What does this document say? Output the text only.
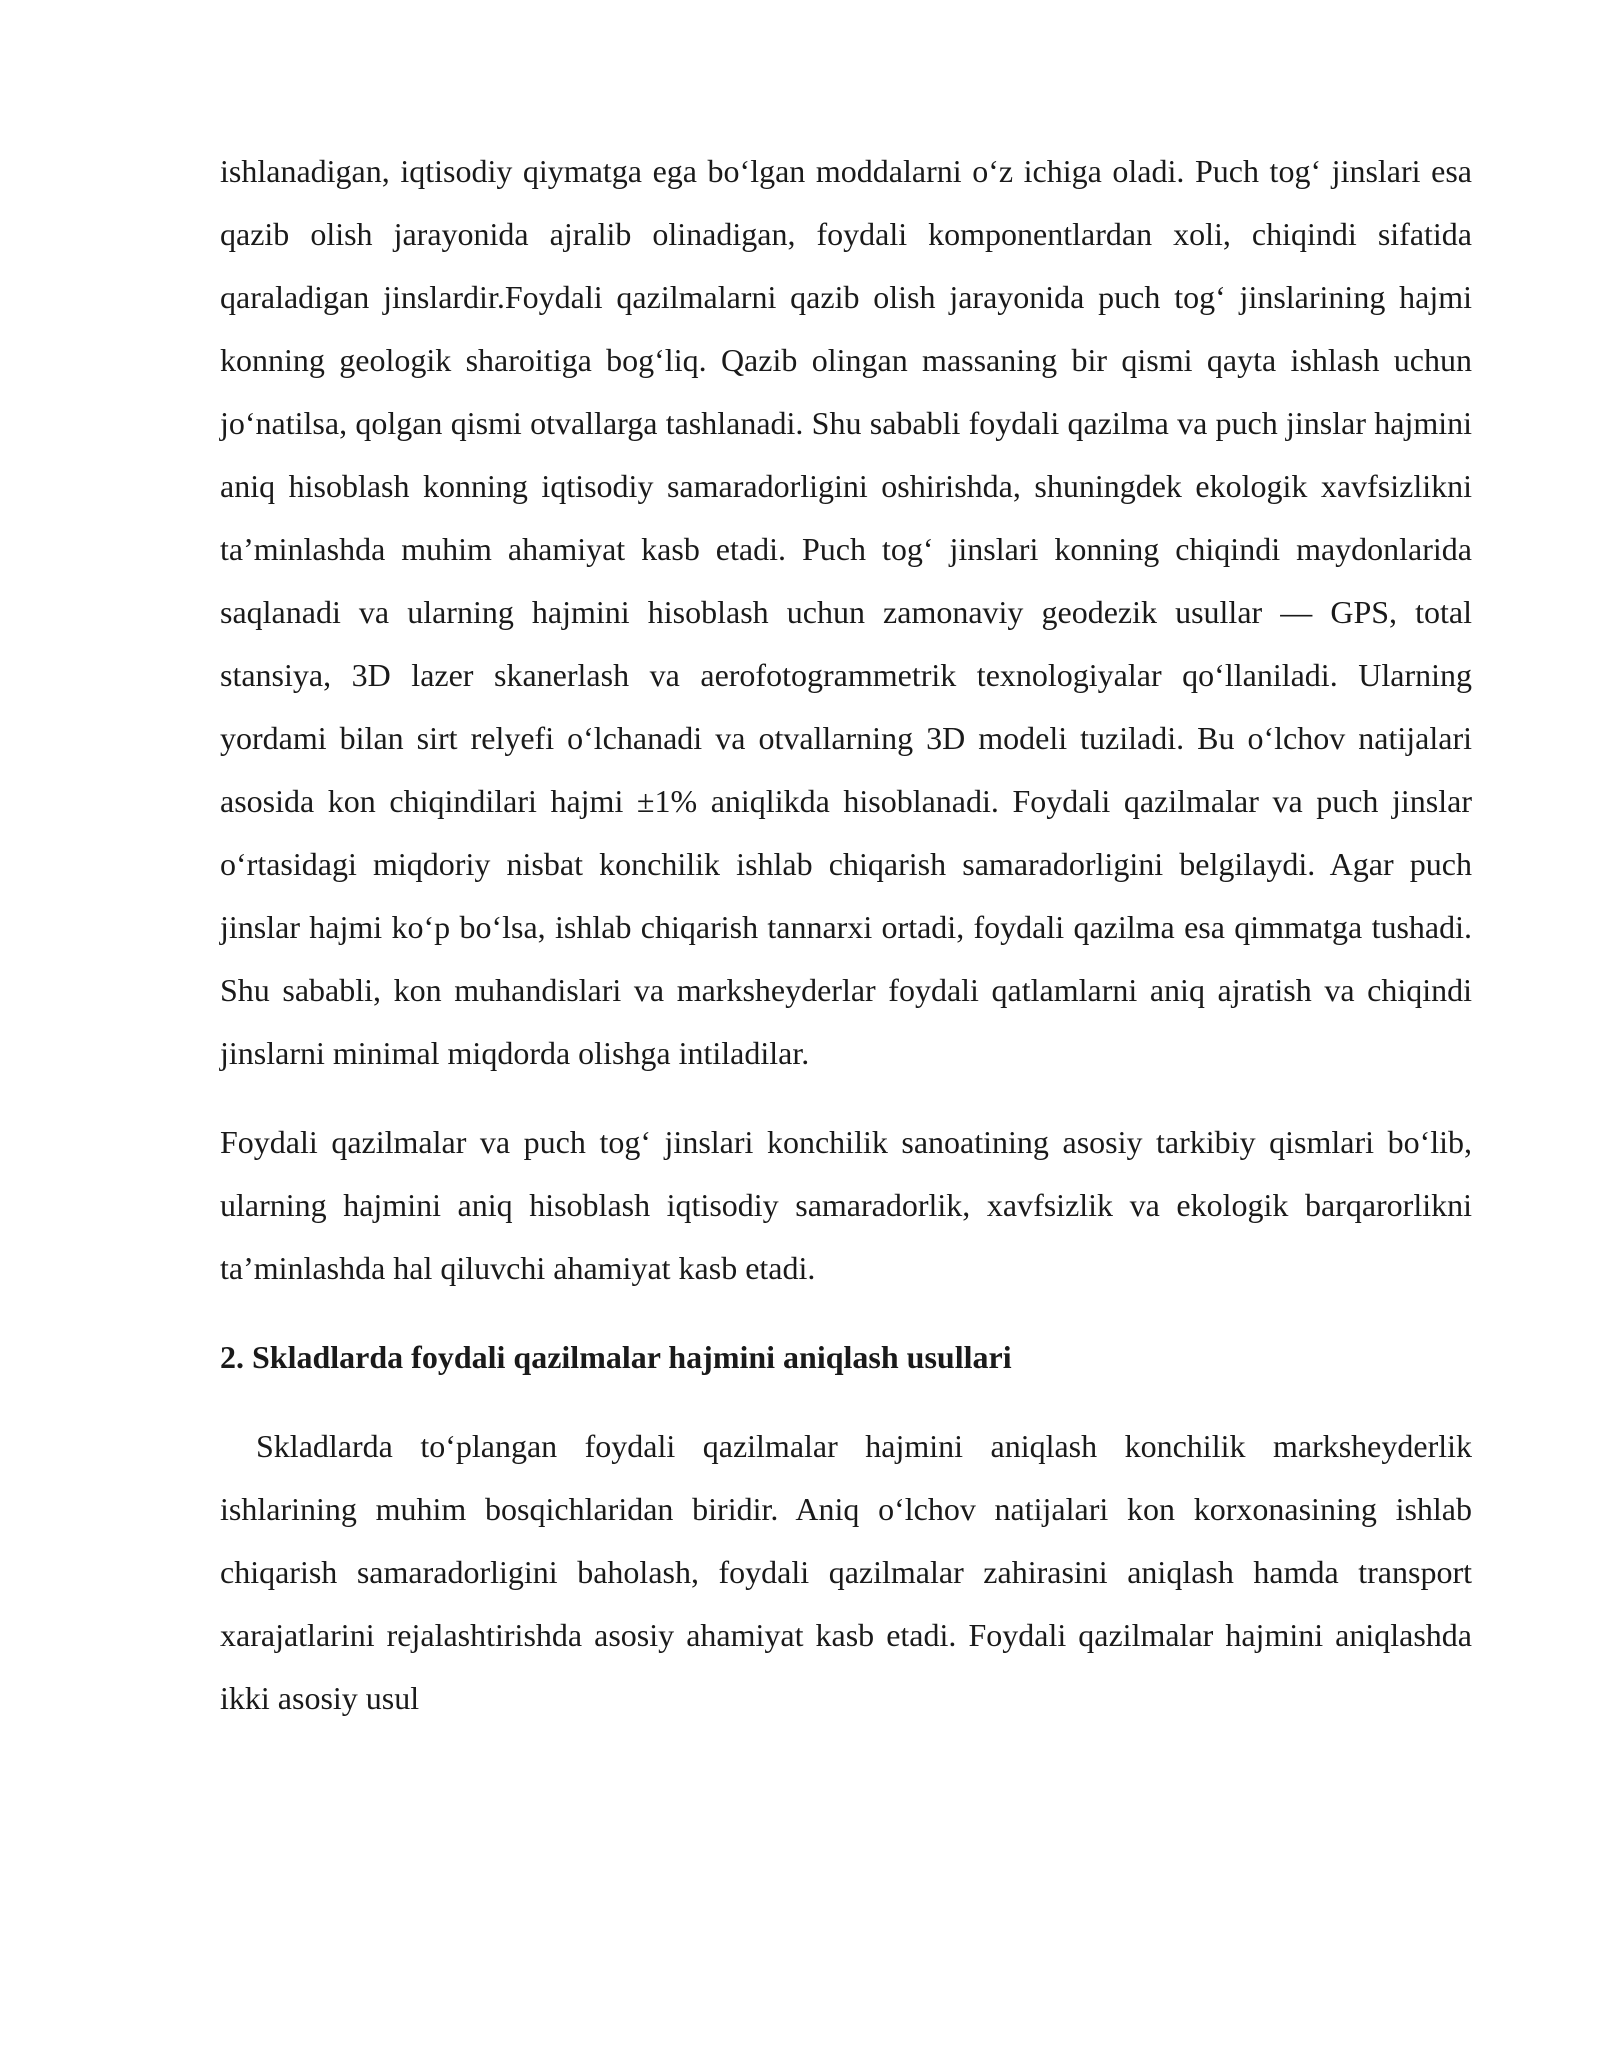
ishlanadigan, iqtisodiy qiymatga ega bo‘lgan moddalarni o‘z ichiga oladi. Puch tog‘ jinslari esa qazib olish jarayonida ajralib olinadigan, foydali komponentlardan xoli, chiqindi sifatida qaraladigan jinslardir.Foydali qazilmalarni qazib olish jarayonida puch tog‘ jinslarining hajmi konning geologik sharoitiga bog‘liq. Qazib olingan massaning bir qismi qayta ishlash uchun jo‘natilsa, qolgan qismi otvallarga tashlanadi. Shu sababli foydali qazilma va puch jinslar hajmini aniq hisoblash konning iqtisodiy samaradorligini oshirishda, shuningdek ekologik xavfsizlikni ta’minlashda muhim ahamiyat kasb etadi. Puch tog‘ jinslari konning chiqindi maydonlarida saqlanadi va ularning hajmini hisoblash uchun zamonaviy geodezik usullar — GPS, total stansiya, 3D lazer skanerlash va aerofotogrammetrik texnologiyalar qo‘llaniladi. Ularning yordami bilan sirt relyefi o‘lchanadi va otvallarning 3D modeli tuziladi. Bu o‘lchov natijalari asosida kon chiqindilari hajmi ±1% aniqlikda hisoblanadi. Foydali qazilmalar va puch jinslar o‘rtasidagi miqdoriy nisbat konchilik ishlab chiqarish samaradorligini belgilaydi. Agar puch jinslar hajmi ko‘p bo‘lsa, ishlab chiqarish tannarxi ortadi, foydali qazilma esa qimmatga tushadi. Shu sababli, kon muhandislari va marksheyderlar foydali qatlamlarni aniq ajratish va chiqindi jinslarni minimal miqdorda olishga intiladilar.

Foydali qazilmalar va puch tog‘ jinslari konchilik sanoatining asosiy tarkibiy qismlari bo‘lib, ularning hajmini aniq hisoblash iqtisodiy samaradorlik, xavfsizlik va ekologik barqarorlikni ta’minlashda hal qiluvchi ahamiyat kasb etadi.

2. Skladlarda foydali qazilmalar hajmini aniqlash usullari

Skladlarda to‘plangan foydali qazilmalar hajmini aniqlash konchilik marksheyderlik ishlarining muhim bosqichlaridan biridir. Aniq o‘lchov natijalari kon korxonasining ishlab chiqarish samaradorligini baholash, foydali qazilmalar zahirasini aniqlash hamda transport xarajatlarini rejalashtirishda asosiy ahamiyat kasb etadi. Foydali qazilmalar hajmini aniqlashda ikki asosiy usul
